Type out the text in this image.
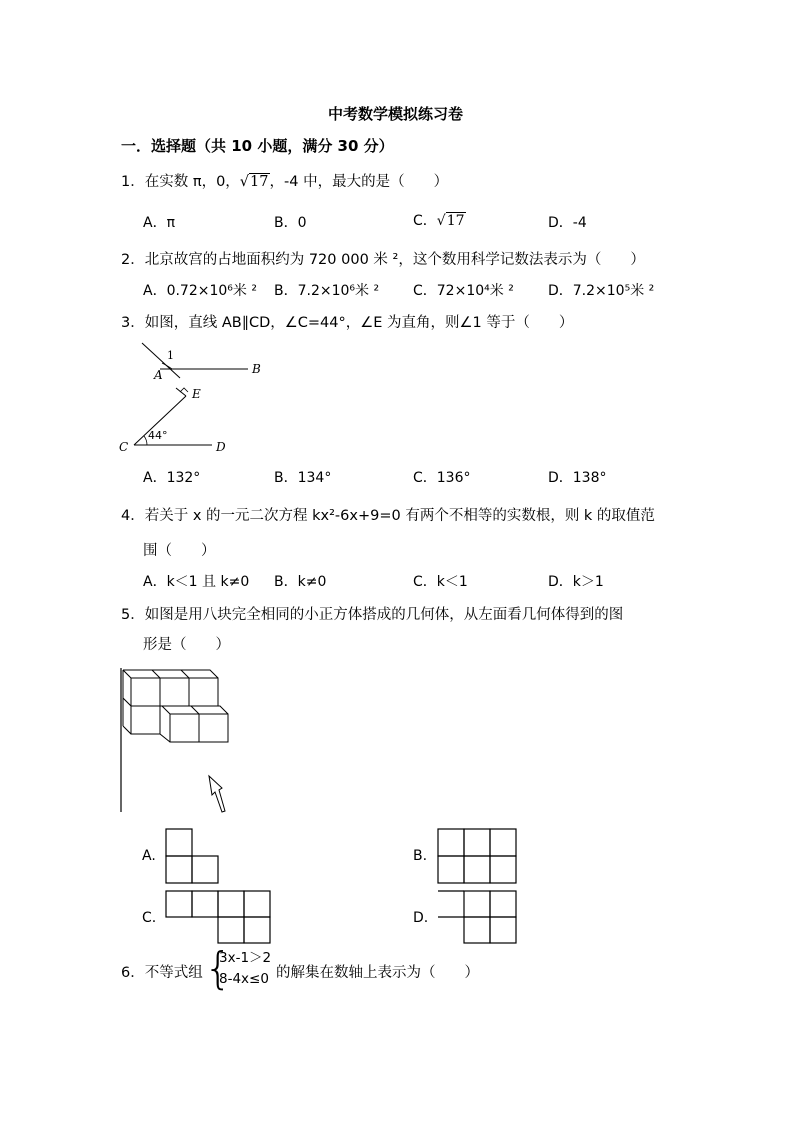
中考数学模拟练习卷
一．选择题（共 10 小题，满分 30 分）
1．在实数 π，0，√17，-4 中，最大的是（　　）
A．π	B．0	C．√17	D．-4
2．北京故宫的占地面积约为 720 000 米 ²，这个数用科学记数法表示为（　　）
A．0.72×10⁶米 ² B．7.2×10⁶米 ² C．72×10⁴米 ² D．7.2×10⁵米 ²
3．如图，直线 AB∥CD，∠C=44°，∠E 为直角，则∠1 等于（　　）
1
A	B
E
C	D
44°
A．132°	B．134°	C．136°	D．138°
4．若关于 x 的一元二次方程 kx²-6x+9=0 有两个不相等的实数根，则 k 的取值范
围（　　）
A．k＜1 且 k≠0 B．k≠0	C．k＜1	D．k＞1
5．如图是用八块完全相同的小正方体搭成的几何体，从左面看几何体得到的图
形是（　　）
A.	B.
C.	D.
6．不等式组 {
3x-1＞2
8-4x≤0 的解集在数轴上表示为（　　）
